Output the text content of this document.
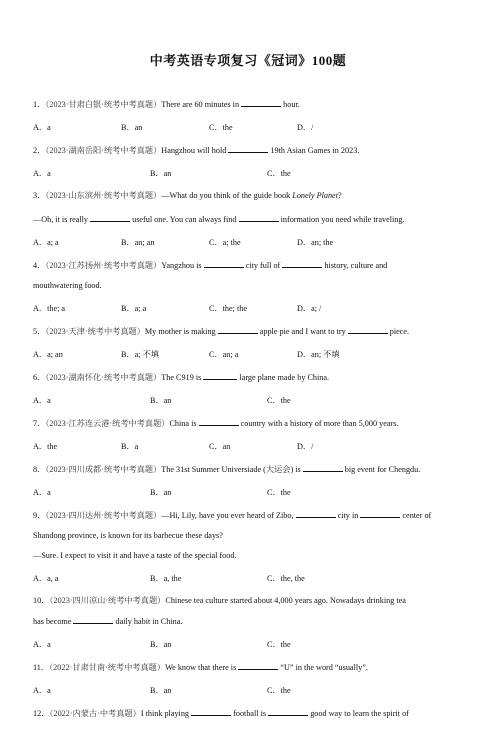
中考英语专项复习《冠词》100题
1．（2023·甘肃白银·统考中考真题）There are 60 minutes in	hour.
A．a	B．an	C．the	D．/
2．（2023·湖南岳阳·统考中考真题）Hangzhou will hold	19th Asian Games in 2023.
A．a	B．an	C．the
3．（2023·山东滨州·统考中考真题）—What do you think of the guide book Lonely Planet?
—Oh, it is really	useful one. You can always find	information you need while traveling.
A．a; a	B．an; an	C．a; the	D．an; the
4．（2023·江苏扬州·统考中考真题）Yangzhou is	city full of	history, culture and
mouthwatering food.
A．the; a	B．a; a	C．the; the	D．a; /
5．（2023·天津·统考中考真题）My mother is making	apple pie and I want to try	piece.
A．a; an	B．a; 不填	C．an; a	D．an; 不填
6．（2023·湖南怀化·统考中考真题）The C919 is	large plane made by China.
A．a	B．an	C．the
7．（2023·江苏连云港·统考中考真题）China is	country with a history of more than 5,000 years.
A．the	B．a	C．an	D．/
8．（2023·四川成都·统考中考真题）The 31st Summer Universiade (大运会) is	big event for Chengdu.
A．a	B．an	C．the
9．（2023·四川达州·统考中考真题）—Hi, Lily, have you ever heard of Zibo,	city in	center of
Shandong province, is known for its barbecue these days?
—Sure. I expect to visit it and have a taste of the special food.
A．a, a	B．a, the	C．the, the
10．（2023·四川凉山·统考中考真题）Chinese tea culture started about 4,000 years ago. Nowadays drinking tea
has become	daily habit in China.
A．a	B．an	C．the
11．（2022·甘肃甘南·统考中考真题）We know that there is	“U” in the word “usually”.
A．a	B．an	C．the
12．（2022·内蒙古·中考真题）I think playing	football is	good way to learn the spirit of
